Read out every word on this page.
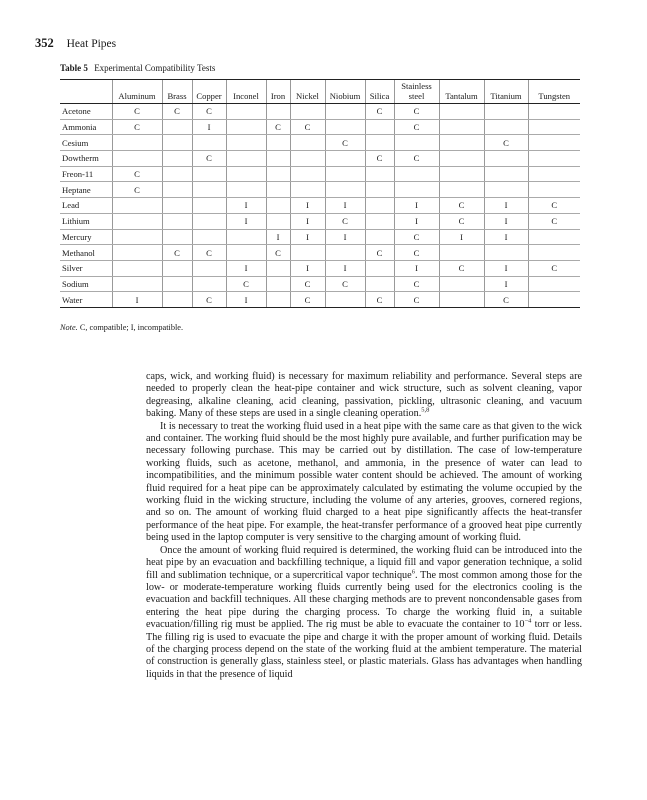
352 Heat Pipes
Table 5 Experimental Compatibility Tests
	Aluminum	Brass	Copper	Inconel	Iron	Nickel	Niobium	Silica	Stainless steel	Tantalum	Titanium	Tungsten
Acetone	C	C	C					C	C			
Ammonia	C		I		C	C			C			
Cesium							C				C	
Dowtherm			C					C	C			
Freon-11	C											
Heptane	C											
Lead				I		I	I		I	C	I	C
Lithium				I		I	C		I	C	I	C
Mercury					I	I	I		C	I	I	
Methanol		C	C		C			C	C			
Silver				I		I	I		I	C	I	C
Sodium				C		C	C		C		I	
Water	I		C	I		C		C	C		C	
Note. C, compatible; I, incompatible.

caps, wick, and working fluid) is necessary for maximum reliability and performance. Several steps are needed to properly clean the heat-pipe container and wick structure, such as solvent cleaning, vapor degreasing, alkaline cleaning, acid cleaning, passivation, pickling, ultrasonic cleaning, and vacuum baking. Many of these steps are used in a single cleaning operation.$^{5,8}$

It is necessary to treat the working fluid used in a heat pipe with the same care as that given to the wick and container. The working fluid should be the most highly pure available, and further purification may be necessary following purchase. This may be carried out by distillation. The case of low-temperature working fluids, such as acetone, methanol, and ammonia, in the presence of water can lead to incompatibilities, and the minimum possible water content should be achieved. The amount of working fluid required for a heat pipe can be approximately calculated by estimating the volume occupied by the working fluid in the wicking structure, including the volume of any arteries, grooves, cornered regions, and so on. The amount of working fluid charged to a heat pipe significantly affects the heat-transfer performance of the heat pipe. For example, the heat-transfer performance of a grooved heat pipe currently being used in the laptop computer is very sensitive to the charging amount of working fluid.

Once the amount of working fluid required is determined, the working fluid can be introduced into the heat pipe by an evacuation and backfilling technique, a liquid fill and vapor generation technique, a solid fill and sublimation technique, or a supercritical vapor technique$^6$. The most common among those for the low- or moderate-temperature working fluids currently being used for the electronics cooling is the evacuation and backfill techniques. All these charging methods are to prevent noncondensable gases from entering the heat pipe during the charging process. To charge the working fluid in, a suitable evacuation/filling rig must be applied. The rig must be able to evacuate the container to $10^{-4}$ torr or less. The filling rig is used to evacuate the pipe and charge it with the proper amount of working fluid. Details of the charging process depend on the state of the working fluid at the ambient temperature. The material of construction is generally glass, stainless steel, or plastic materials. Glass has advantages when handling liquids in that the presence of liquid
